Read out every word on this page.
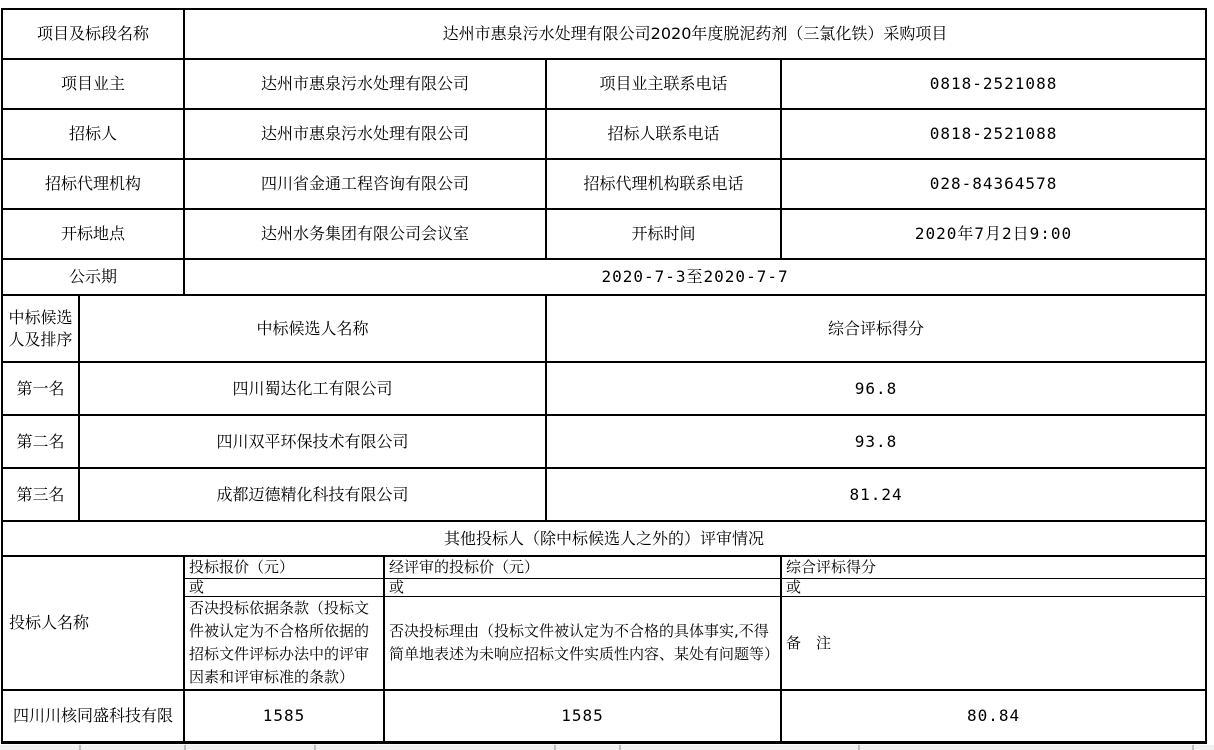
项目及标段名称		达州市惠泉污水处理有限公司2020年度脱泥药剂（三氯化铁）采购项目			
项目业主		达州市惠泉污水处理有限公司		项目业主联系电话	0818-2521088
招标人		达州市惠泉污水处理有限公司		招标人联系电话	0818-2521088
招标代理机构		四川省金通工程咨询有限公司		招标代理机构联系电话	028-84364578
开标地点		达州水务集团有限公司会议室		开标时间	2020年7月2日9:00
公示期		2020-7-3至2020-7-7			
中标候选人及排序	中标候选人名称			综合评标得分	
第一名	四川蜀达化工有限公司			96.8	
第二名	四川双平环保技术有限公司			93.8	
第三名	成都迈德精化科技有限公司			81.24	
其他投标人（除中标候选人之外的）评审情况					
投标人名称		投标报价（元）	经评审的投标价（元）		综合评标得分
		或	或		或
		否决投标依据条款（投标文件被认定为不合格所依据的招标文件评标办法中的评审因素和评审标准的条款）	否决投标理由（投标文件被认定为不合格的具体事实,不得简单地表述为未响应招标文件实质性内容、某处有问题等）		备　注
四川川核同盛科技有限		1585	1585		80.84
